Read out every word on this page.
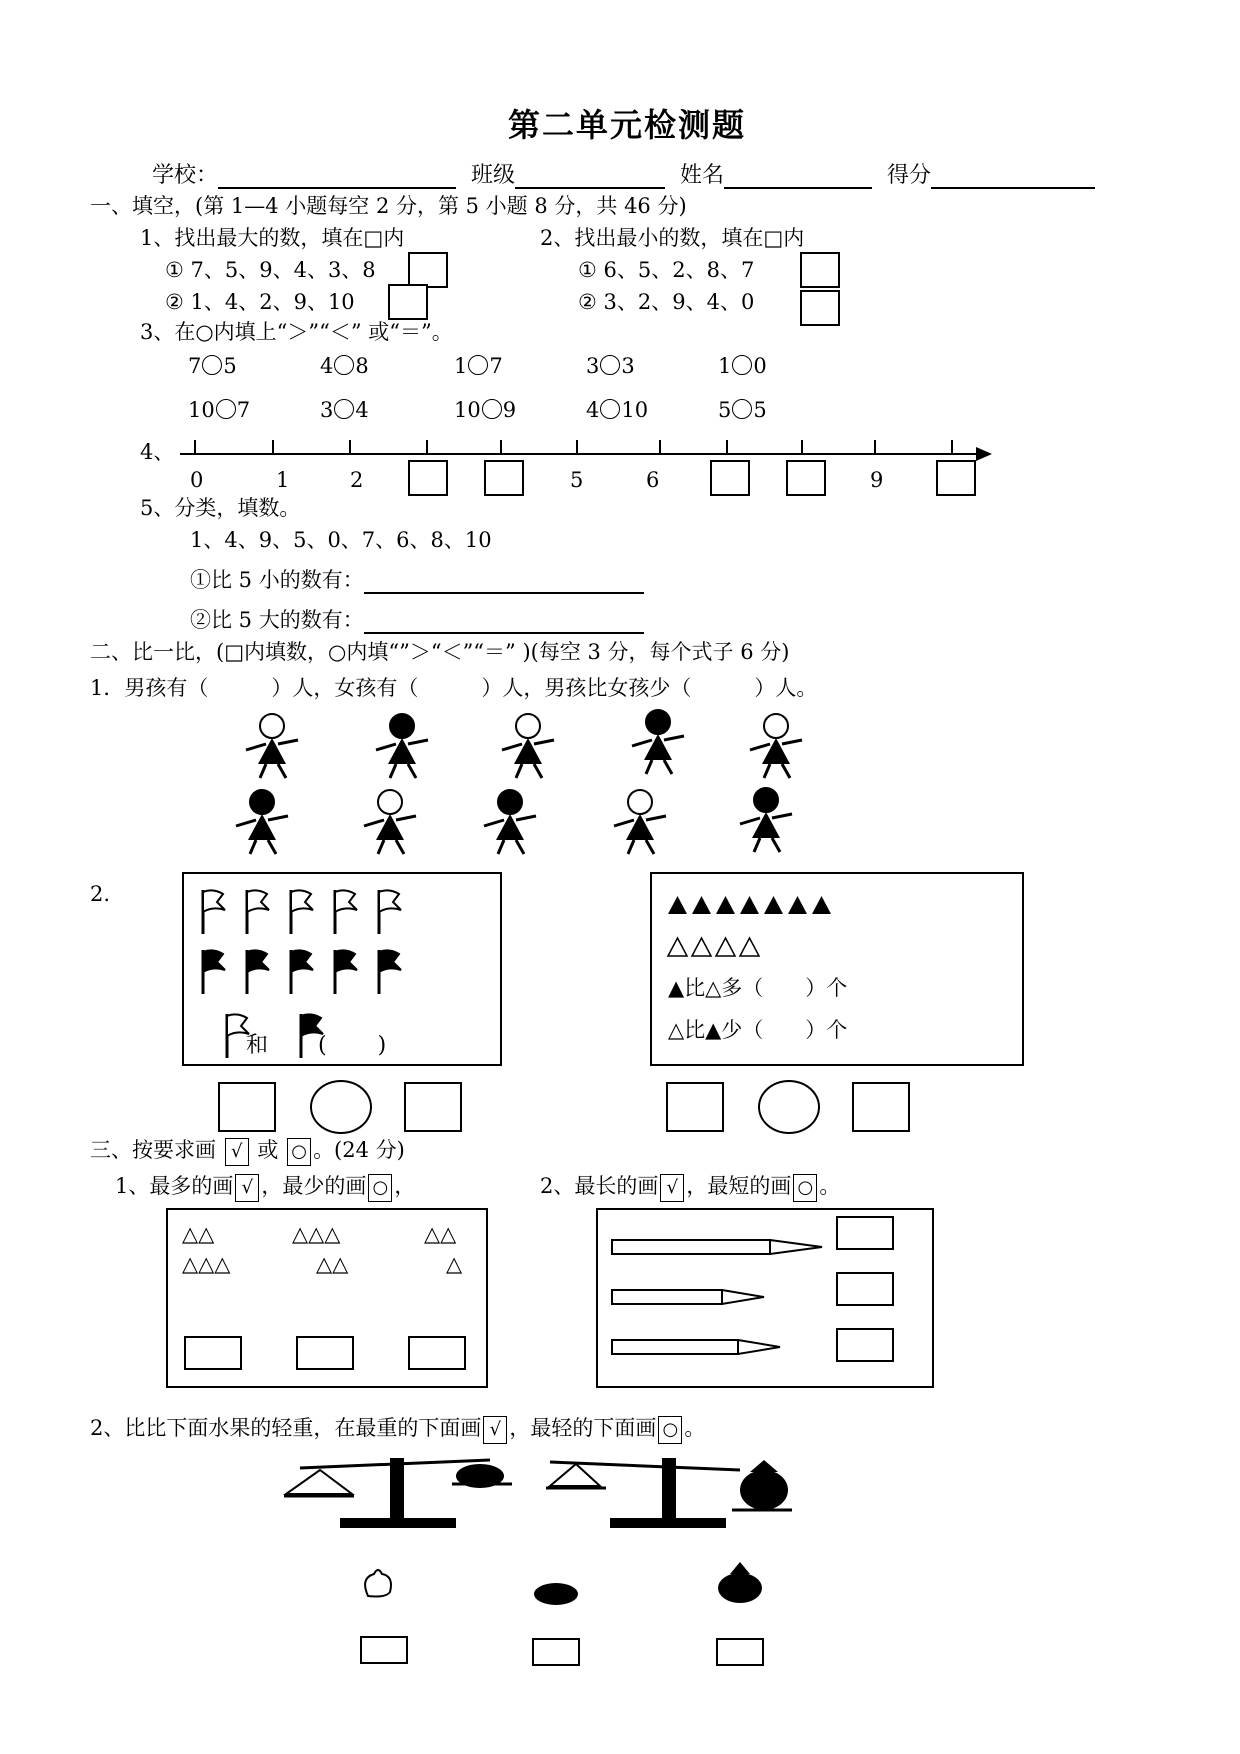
第二单元检测题
学校：	班级	姓名	得分
一、填空，(第 1—4 小题每空 2 分，第 5 小题 8 分，共 46 分)
1、找出最大的数，填在□内	2、找出最小的数，填在□内
① 7、5、9、4、3、8
② 1、4、2、9、10
① 6、5、2、8、7
② 3、2、9、4、0
3、在○内填上“＞”“＜” 或“＝”。
7 5	4 8	1 7	3 3	1 0
10 7	3 4	10 9	4 10	5 5
4、
0	1	2	5	6	9
5、分类，填数。
1、4、9、5、0、7、6、8、10
①比 5 小的数有：
②比 5 大的数有：
二、比一比，(□内填数，○内填“”＞“＜”“＝” )(每空 3 分，每个式子 6 分)
1．男孩有（　　　）人，女孩有（　　　）人，男孩比女孩少（　　　）人。
2.
和 (　　 )
▲比△多（　　）个
△比▲少（　　）个
三、按要求画 √ 或 ○ 。(24 分)
1、最多的画 √ ，最少的画 ○ ，	2、最长的画 √ ，最短的画 ○ 。
△△	△△△	△△
△△△	△△	△
2、比比下面水果的轻重，在最重的下面画 √ ，最轻的下面画 ○ 。
